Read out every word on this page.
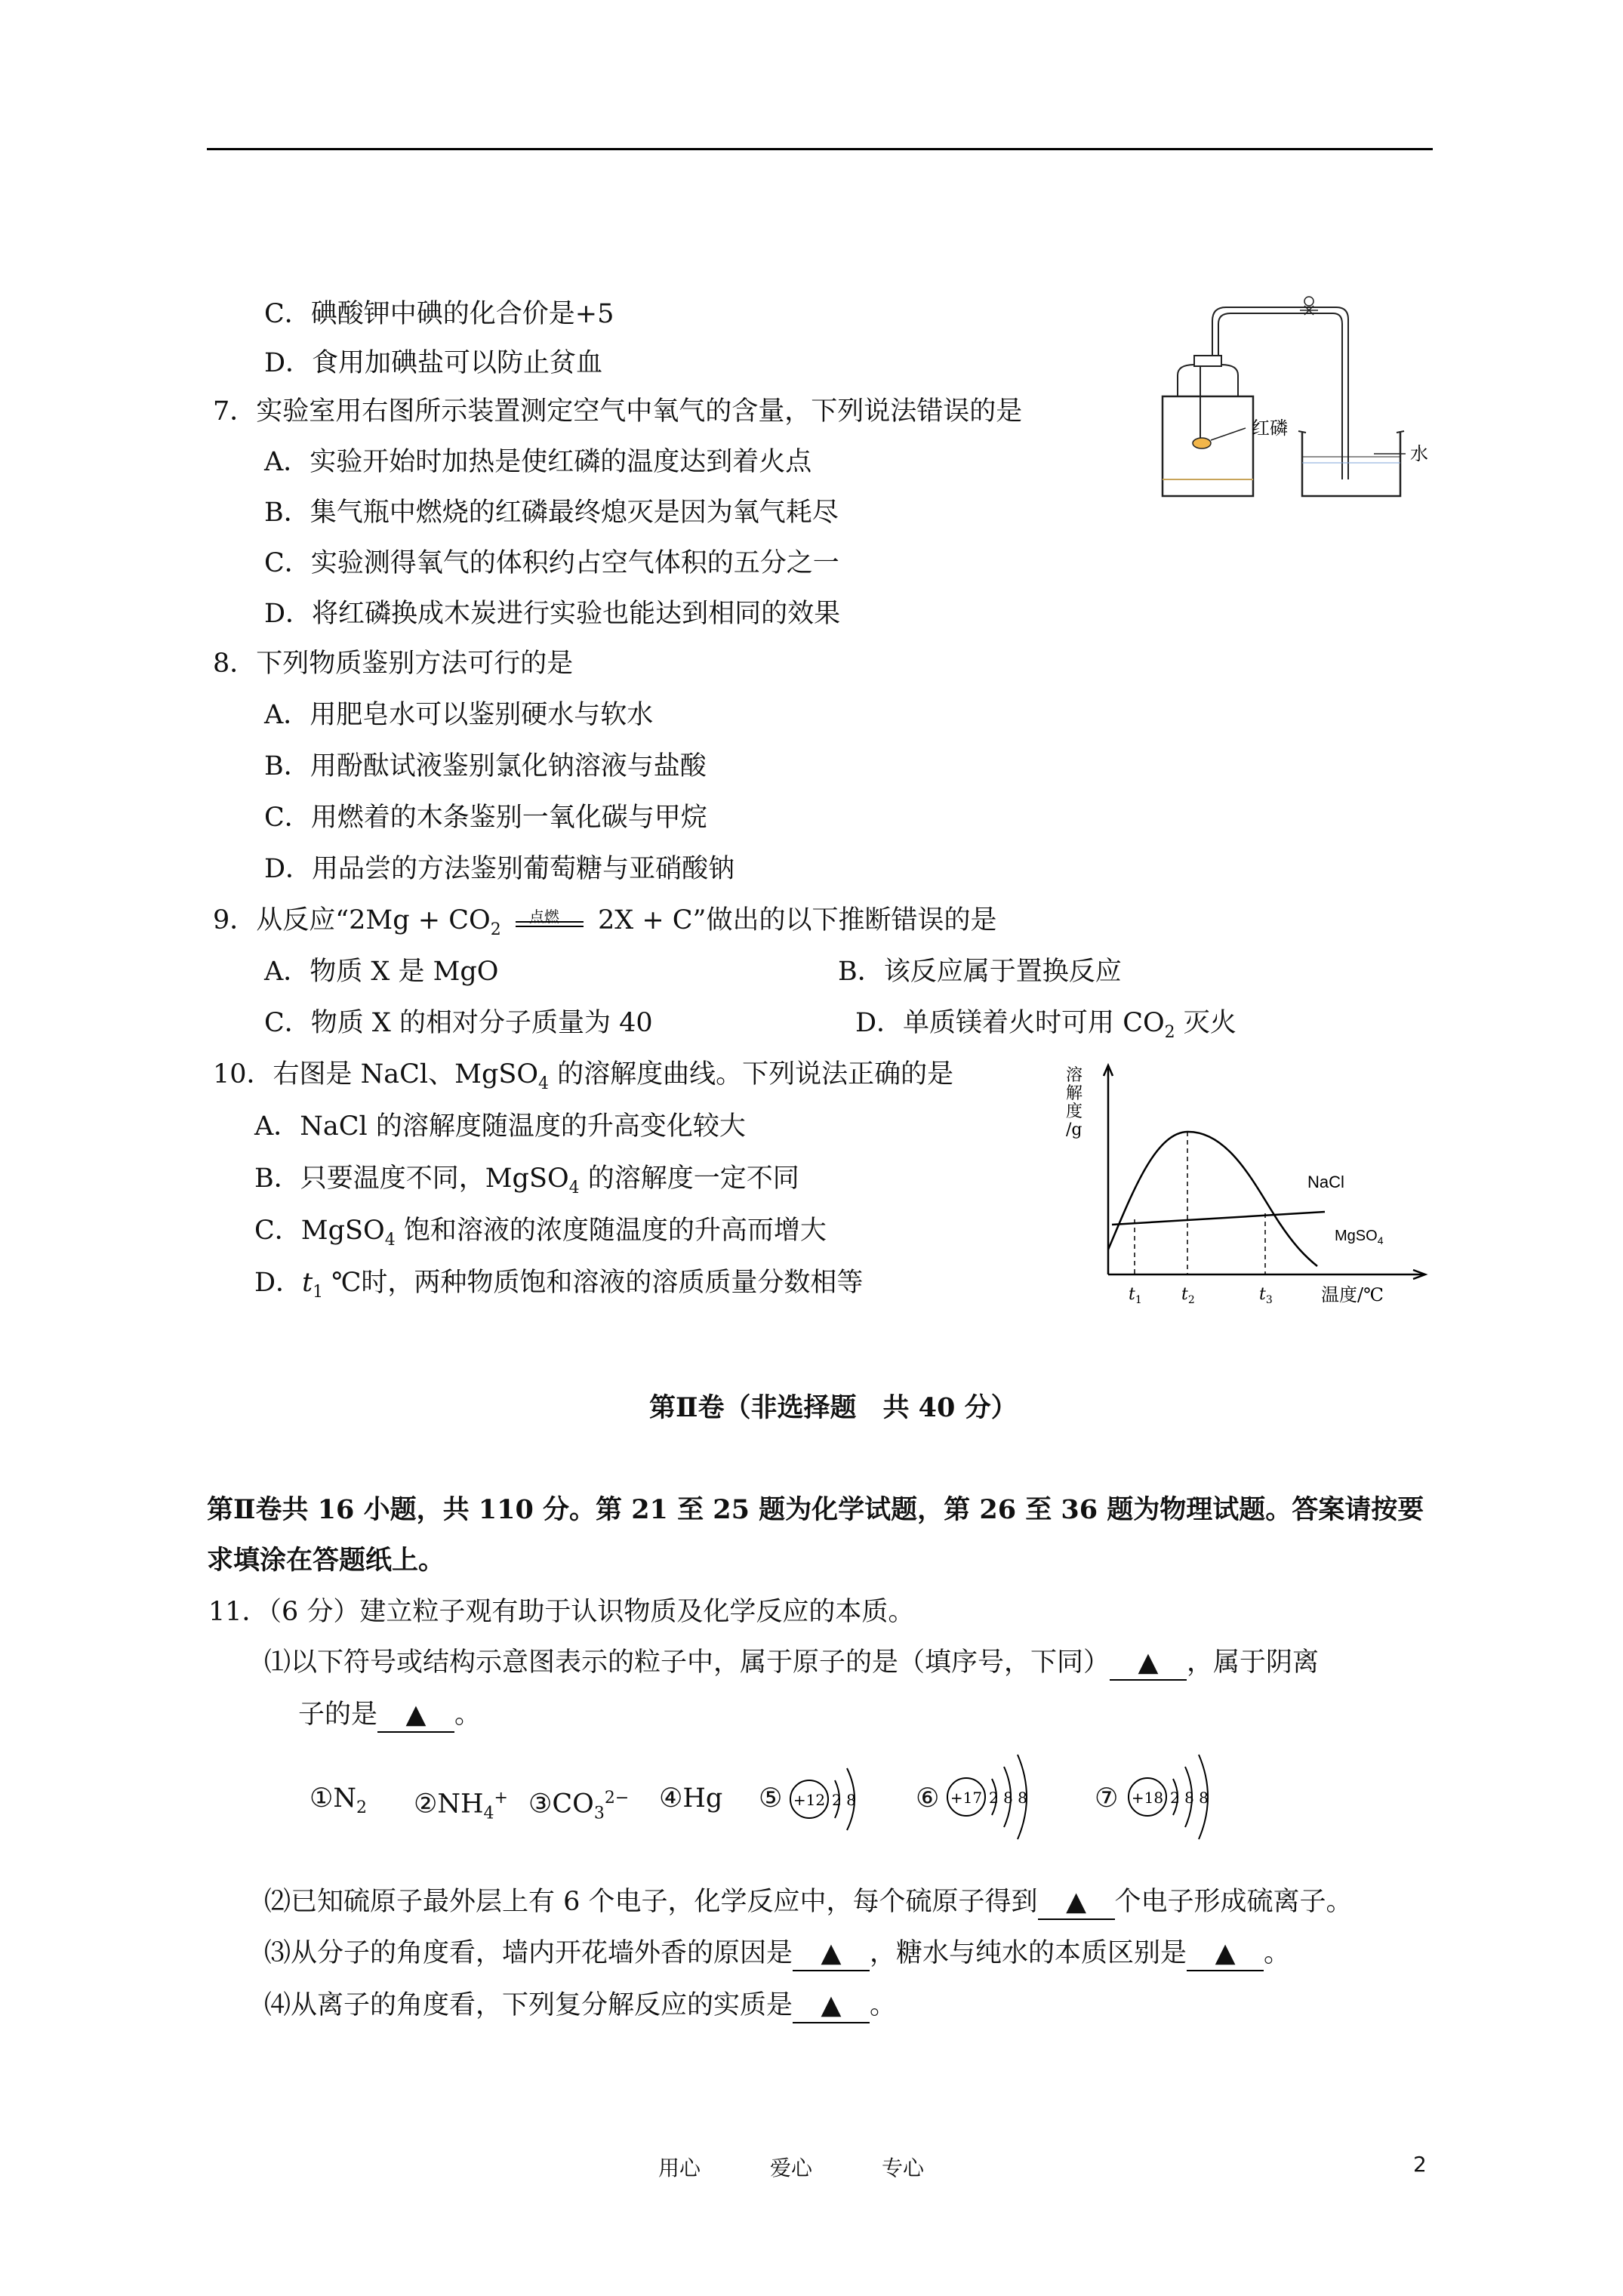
C．碘酸钾中碘的化合价是+5
D．食用加碘盐可以防止贫血
7．实验室用右图所示装置测定空气中氧气的含量，下列说法错误的是
A．实验开始时加热是使红磷的温度达到着火点
B．集气瓶中燃烧的红磷最终熄灭是因为氧气耗尽
C．实验测得氧气的体积约占空气体积的五分之一
D．将红磷换成木炭进行实验也能达到相同的效果
红磷
水
8．下列物质鉴别方法可行的是
A．用肥皂水可以鉴别硬水与软水
B．用酚酞试液鉴别氯化钠溶液与盐酸
C．用燃着的木条鉴别一氧化碳与甲烷
D．用品尝的方法鉴别葡萄糖与亚硝酸钠
9．从反应“$2Mg + CO_2$
点燃 2X + C”做出的以下推断错误的是
A．物质 X 是 MgO	B．该反应属于置换反应
C．物质 X 的相对分子质量为 40	D．单质镁着火时可用 $CO_2$ 灭火
10．右图是 NaCl、MgSO$_4$ 的溶解度曲线。下列说法正确的是
A．NaCl 的溶解度随温度的升高变化较大
B．只要温度不同，MgSO$_4$ 的溶解度一定不同
C．MgSO$_4$ 饱和溶液的浓度随温度的升高而增大
D．$t_1$ ℃时，两种物质饱和溶液的溶质质量分数相等
溶
解
度
/g
NaCl
MgSO$_4$
$t_1$ $t_2$	$t_3$	温度/℃
第Ⅱ卷（非选择题　共 40 分）
第Ⅱ卷共 16 小题，共 110 分。第 21 至 25 题为化学试题，第 26 至 36 题为物理试题。答案请按要
求填涂在答题纸上。
11．（6 分）建立粒子观有助于认识物质及化学反应的本质。
⑴以下符号或结构示意图表示的粒子中，属于原子的是（填序号，下同） ▲ ，属于阴离
子的是 ▲ 。
$①N_2$ $②NH_4^+$ $③CO_3^{2-}$ ④Hg ⑤ +12 2 8 ⑥ +17 2 8 8	⑦ +18 2 8 8
⑵已知硫原子最外层上有 6 个电子，化学反应中，每个硫原子得到 ▲ 个电子形成硫离子。
⑶从分子的角度看，墙内开花墙外香的原因是 ▲ ，糖水与纯水的本质区别是 ▲ 。
⑷从离子的角度看，下列复分解反应的实质是 ▲ 。
用心	爱心	专心	2
